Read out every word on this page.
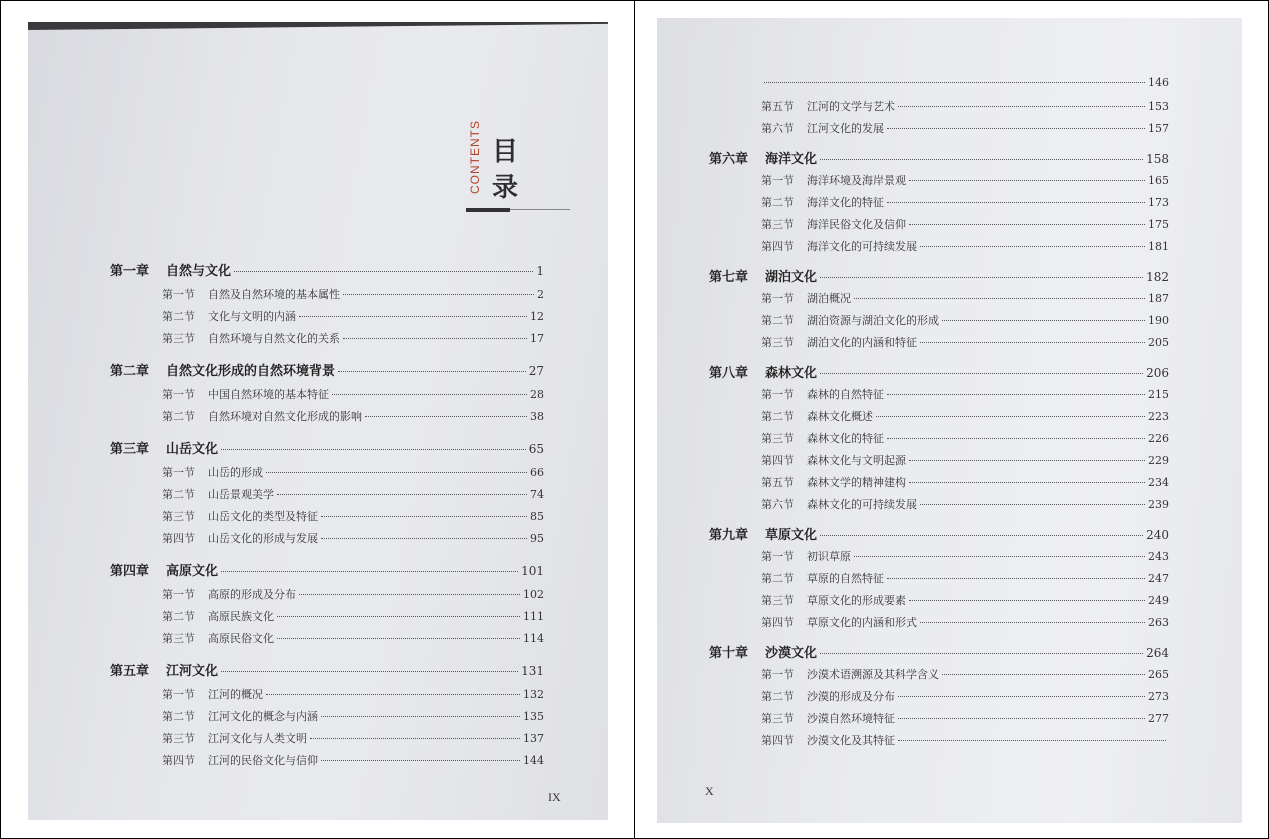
CONTENTS 目
录
IX
第一章	自然与文化	1
第一节	自然及自然环境的基本属性	2
第二节	文化与文明的内涵	12
第三节	自然环境与自然文化的关系	17
第二章	自然文化形成的自然环境背景	27
第一节	中国自然环境的基本特征	28
第二节	自然环境对自然文化形成的影响	38
第三章	山岳文化	65
第一节	山岳的形成	66
第二节	山岳景观美学	74
第三节	山岳文化的类型及特征	85
第四节	山岳文化的形成与发展	95
第四章	高原文化	101
第一节	高原的形成及分布	102
第二节	高原民族文化	111
第三节	高原民俗文化	114
第五章	江河文化	131
第一节	江河的概况	132
第二节	江河文化的概念与内涵	135
第三节	江河文化与人类文明	137
第四节	江河的民俗文化与信仰	144
X
146
第五节	江河的文学与艺术	153
第六节	江河文化的发展	157
第六章	海洋文化	158
第一节	海洋环境及海岸景观	165
第二节	海洋文化的特征	173
第三节	海洋民俗文化及信仰	175
第四节	海洋文化的可持续发展	181
第七章	湖泊文化	182
第一节	湖泊概况	187
第二节	湖泊资源与湖泊文化的形成	190
第三节	湖泊文化的内涵和特征	205
第八章	森林文化	206
第一节	森林的自然特征	215
第二节	森林文化概述	223
第三节	森林文化的特征	226
第四节	森林文化与文明起源	229
第五节	森林文学的精神建构	234
第六节	森林文化的可持续发展	239
第九章	草原文化	240
第一节	初识草原	243
第二节	草原的自然特征	247
第三节	草原文化的形成要素	249
第四节	草原文化的内涵和形式	263
第十章	沙漠文化	264
第一节	沙漠术语溯源及其科学含义	265
第二节	沙漠的形成及分布	273
第三节	沙漠自然环境特征	277
第四节	沙漠文化及其特征
